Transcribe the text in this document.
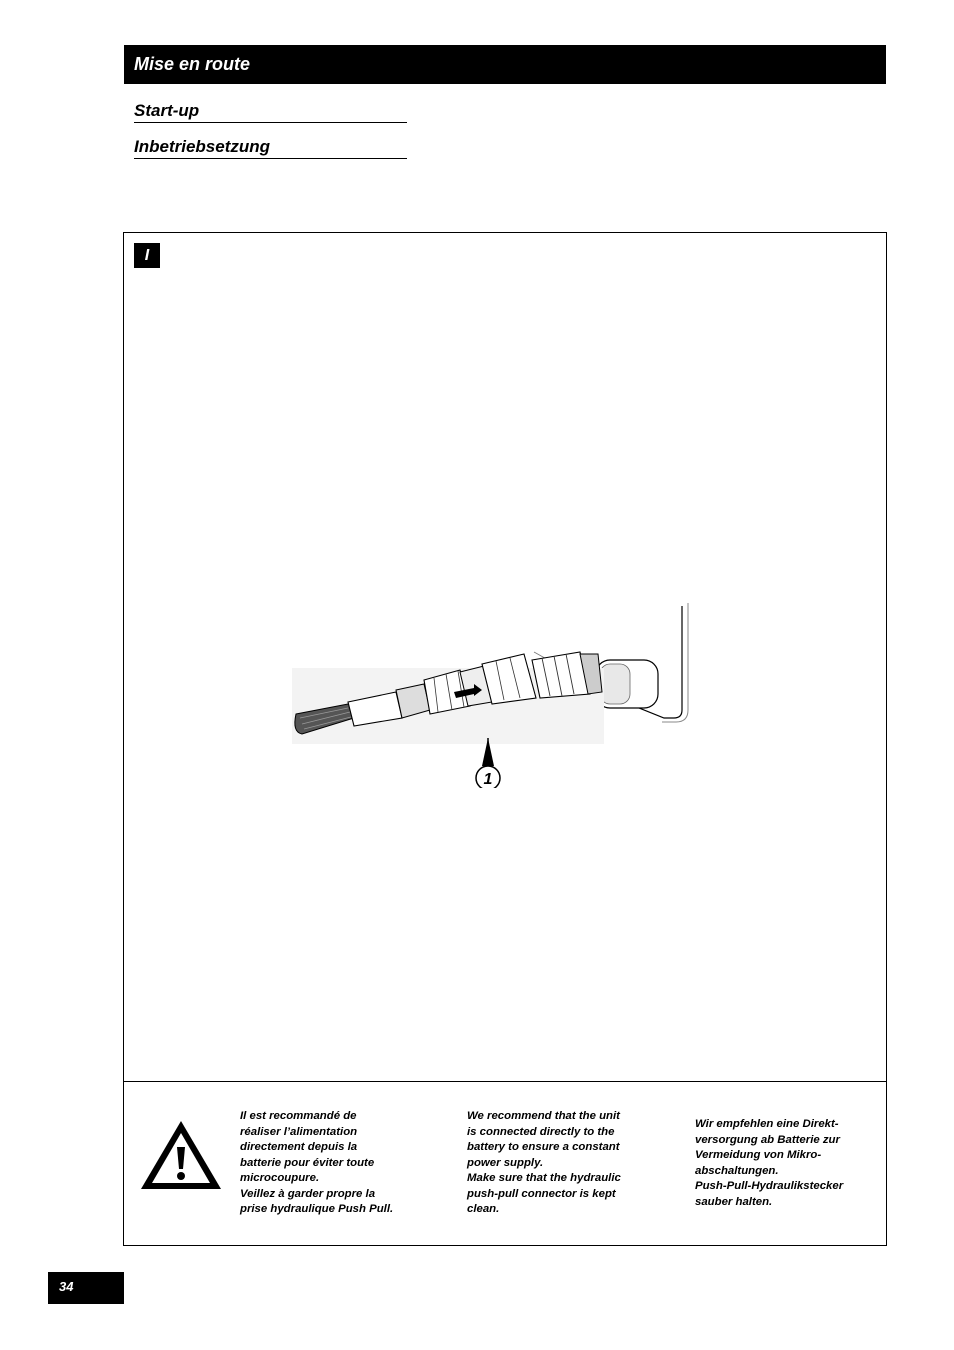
Mise en route
Start-up
Inbetriebsetzung
I
1
Il est recommandé de
réaliser l’alimentation
directement depuis la
batterie pour éviter toute
microcoupure.
Veillez à garder propre la
prise hydraulique Push Pull.
We recommend that the unit
is connected directly to the
battery to ensure a constant
power supply.
Make sure that the hydraulic
push-pull connector is kept
clean.
Wir empfehlen eine Direkt-
versorgung ab Batterie zur
Vermeidung von Mikro-
abschaltungen.
Push-Pull-Hydraulikstecker
sauber halten.
34
